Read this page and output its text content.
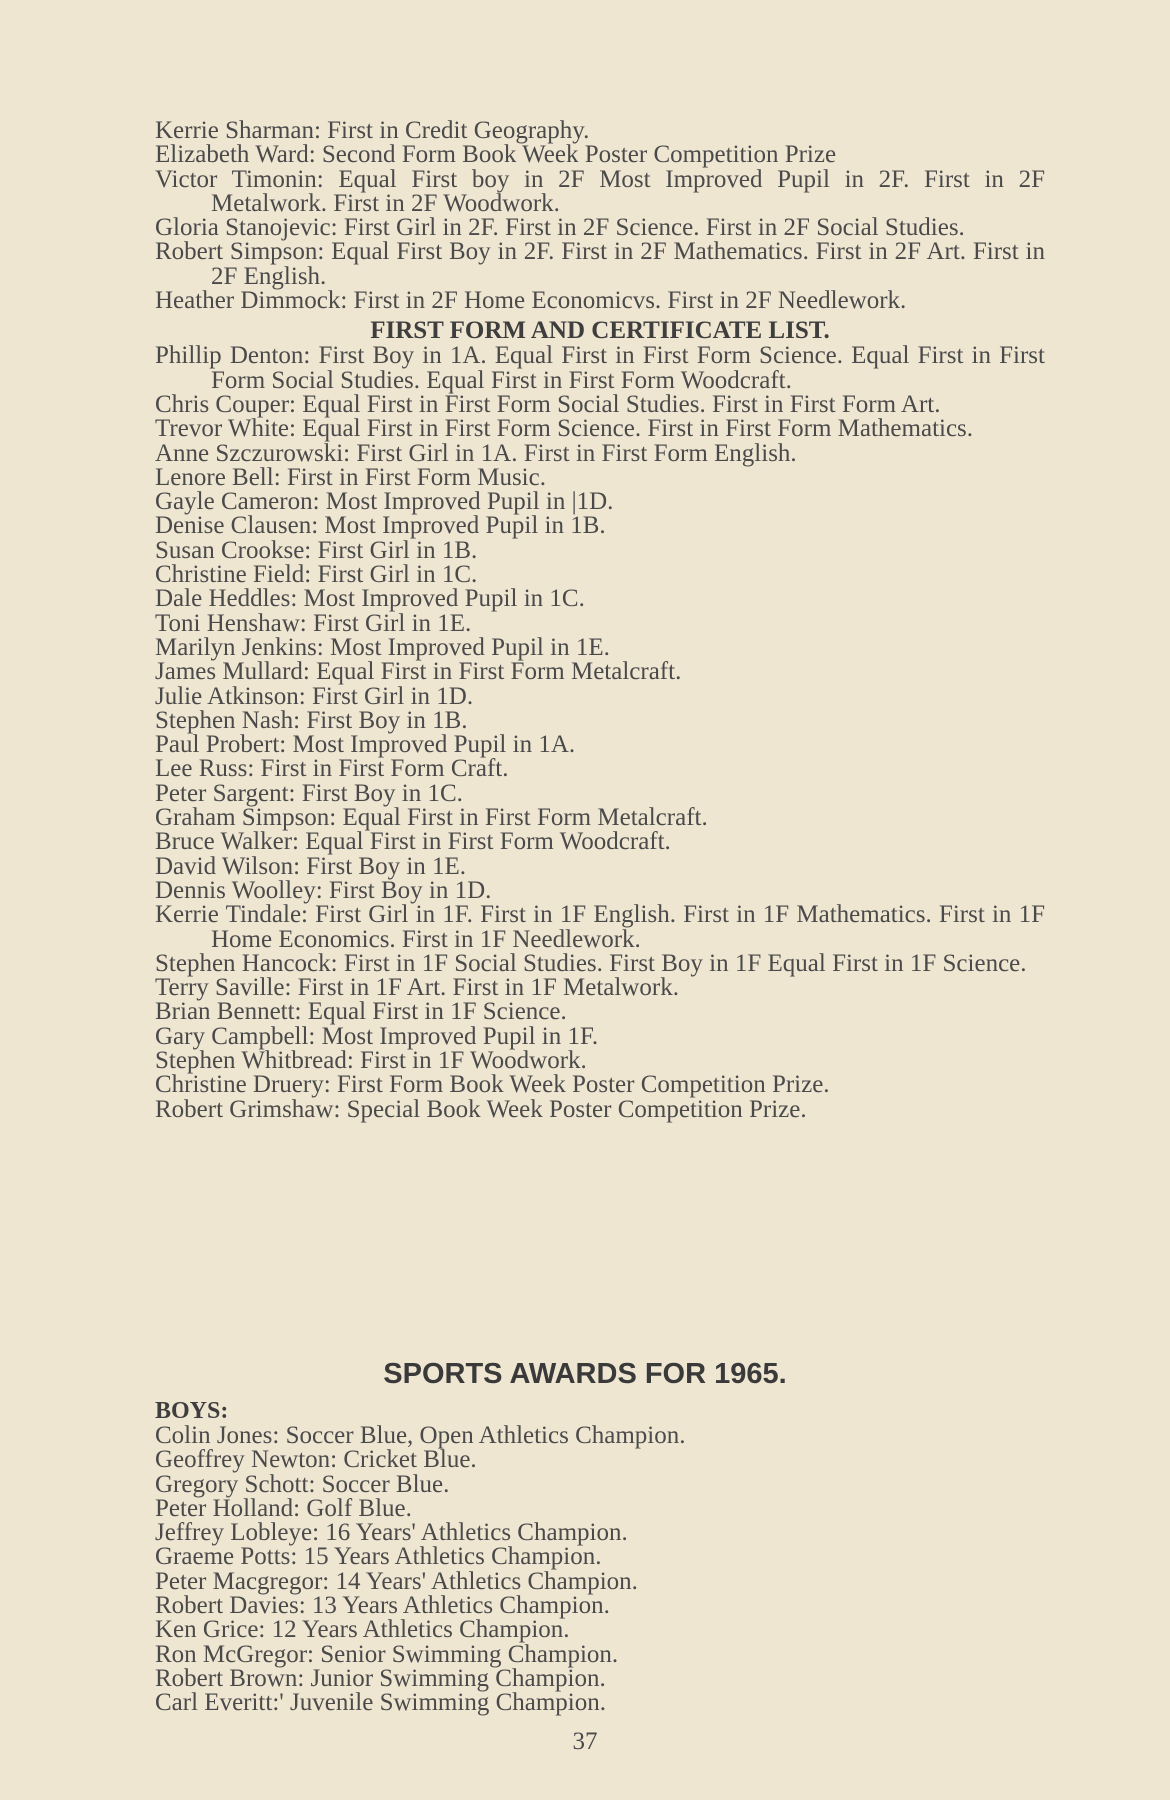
Kerrie Sharman: First in Credit Geography.
Elizabeth Ward: Second Form Book Week Poster Competition Prize
Victor Timonin: Equal First boy in 2F Most Improved Pupil in 2F. First in 2F Metalwork. First in 2F Woodwork.
Gloria Stanojevic: First Girl in 2F. First in 2F Science. First in 2F Social Studies.
Robert Simpson: Equal First Boy in 2F. First in 2F Mathematics. First in 2F Art. First in 2F English.
Heather Dimmock: First in 2F Home Economicvs. First in 2F Needlework.
FIRST FORM AND CERTIFICATE LIST.
Phillip Denton: First Boy in 1A. Equal First in First Form Science. Equal First in First Form Social Studies. Equal First in First Form Woodcraft.
Chris Couper: Equal First in First Form Social Studies. First in First Form Art.
Trevor White: Equal First in First Form Science. First in First Form Mathematics.
Anne Szczurowski: First Girl in 1A. First in First Form English.
Lenore Bell: First in First Form Music.
Gayle Cameron: Most Improved Pupil in |1D.
Denise Clausen: Most Improved Pupil in 1B.
Susan Crookse: First Girl in 1B.
Christine Field: First Girl in 1C.
Dale Heddles: Most Improved Pupil in 1C.
Toni Henshaw: First Girl in 1E.
Marilyn Jenkins: Most Improved Pupil in 1E.
James Mullard: Equal First in First Form Metalcraft.
Julie Atkinson: First Girl in 1D.
Stephen Nash: First Boy in 1B.
Paul Probert: Most Improved Pupil in 1A.
Lee Russ: First in First Form Craft.
Peter Sargent: First Boy in 1C.
Graham Simpson: Equal First in First Form Metalcraft.
Bruce Walker: Equal First in First Form Woodcraft.
David Wilson: First Boy in 1E.
Dennis Woolley: First Boy in 1D.
Kerrie Tindale: First Girl in 1F. First in 1F English. First in 1F Mathematics. First in 1F Home Economics. First in 1F Needlework.
Stephen Hancock: First in 1F Social Studies. First Boy in 1F Equal First in 1F Science.
Terry Saville: First in 1F Art. First in 1F Metalwork.
Brian Bennett: Equal First in 1F Science.
Gary Campbell: Most Improved Pupil in 1F.
Stephen Whitbread: First in 1F Woodwork.
Christine Druery: First Form Book Week Poster Competition Prize.
Robert Grimshaw: Special Book Week Poster Competition Prize.
SPORTS AWARDS FOR 1965.
BOYS:
Colin Jones: Soccer Blue, Open Athletics Champion.
Geoffrey Newton: Cricket Blue.
Gregory Schott: Soccer Blue.
Peter Holland: Golf Blue.
Jeffrey Lobleye: 16 Years' Athletics Champion.
Graeme Potts: 15 Years Athletics Champion.
Peter Macgregor: 14 Years' Athletics Champion.
Robert Davies: 13 Years Athletics Champion.
Ken Grice: 12 Years Athletics Champion.
Ron McGregor: Senior Swimming Champion.
Robert Brown: Junior Swimming Champion.
Carl Everitt:' Juvenile Swimming Champion.
37
